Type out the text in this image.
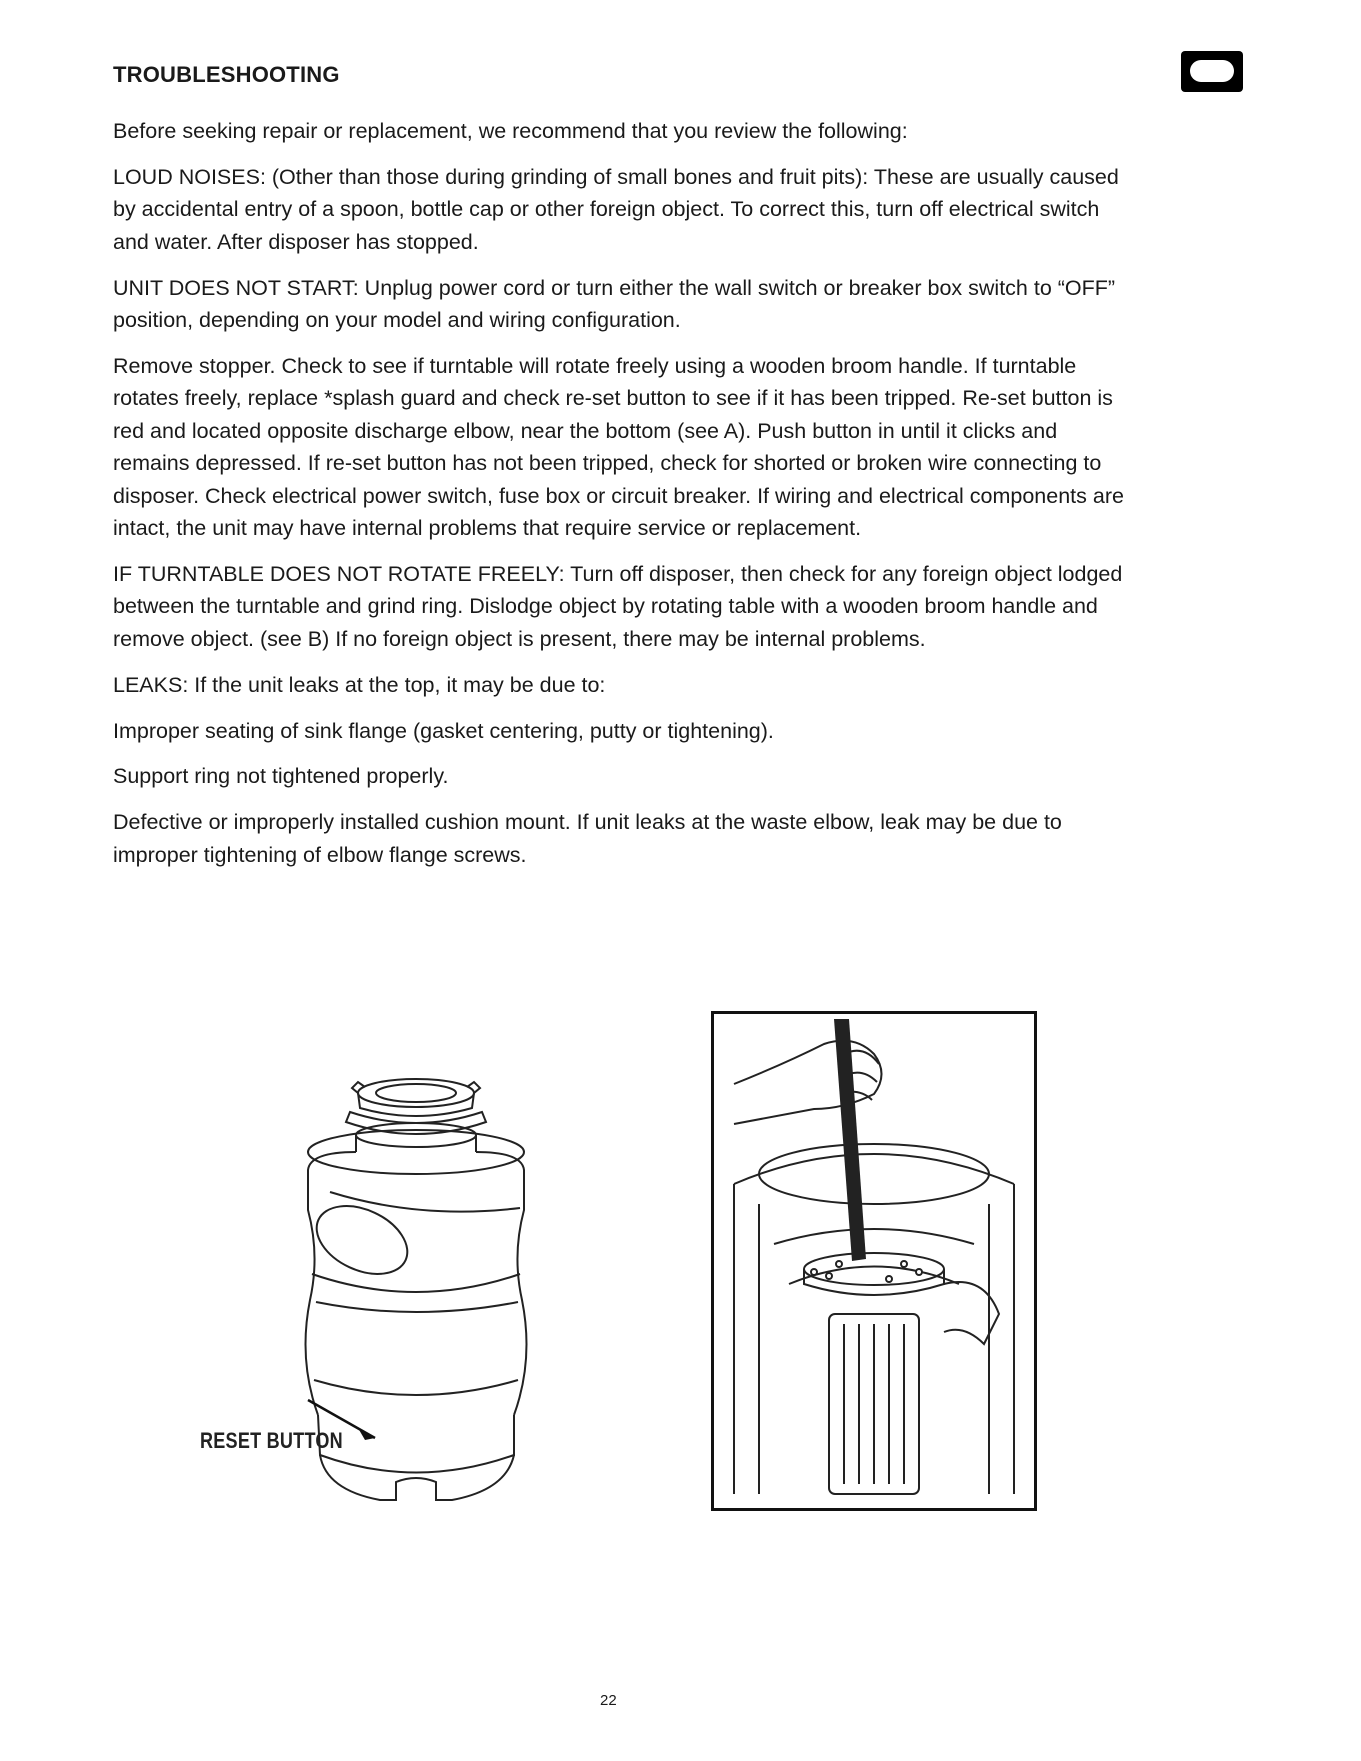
TROUBLESHOOTING

Before seeking repair or replacement, we recommend that you review the following:

LOUD NOISES: (Other than those during grinding of small bones and fruit pits): These are usually caused by accidental entry of a spoon, bottle cap or other foreign object. To correct this, turn off electrical switch and water. After disposer has stopped.

UNIT DOES NOT START: Unplug power cord or turn either the wall switch or breaker box switch to “OFF” position, depending on your model and wiring configuration.

Remove stopper. Check to see if turntable will rotate freely using a wooden broom handle. If turntable rotates freely, replace *splash guard and check re-set button to see if it has been tripped. Re-set button is red and located opposite discharge elbow, near the bottom (see A). Push button in until it clicks and remains depressed. If re-set button has not been tripped, check for shorted or broken wire connecting to disposer. Check electrical power switch, fuse box or circuit breaker. If wiring and electrical components are intact, the unit may have internal problems that require service or replacement.

IF TURNTABLE DOES NOT ROTATE FREELY: Turn off disposer, then check for any foreign object lodged between the turntable and grind ring. Dislodge object by rotating table with a wooden broom handle and remove object. (see B) If no foreign object is present, there may be internal problems.

LEAKS: If the unit leaks at the top, it may be due to:

Improper seating of sink flange (gasket centering, putty or tightening).

Support ring not tightened properly.

Defective or improperly installed cushion mount. If unit leaks at the waste elbow, leak may be due to improper tightening of elbow flange screws.

RESET BUTTON
22
